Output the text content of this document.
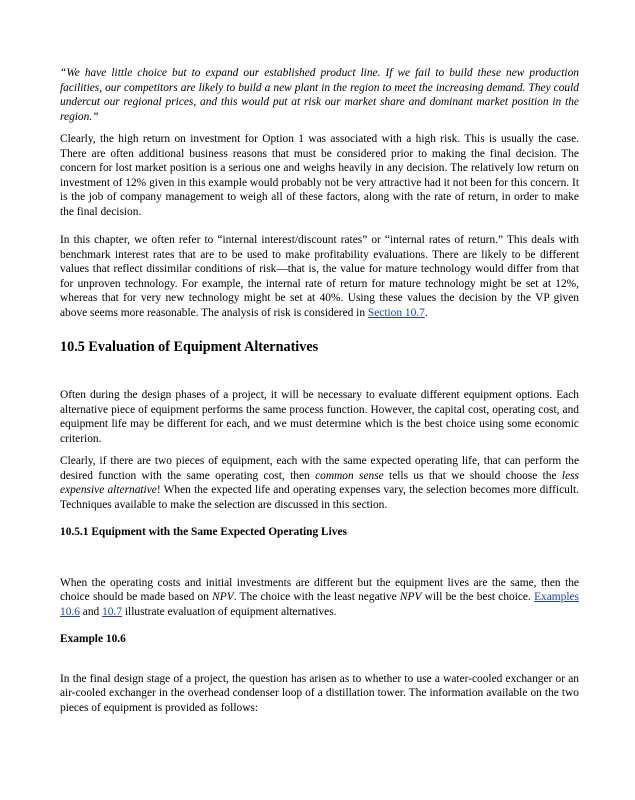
“We have little choice but to expand our established product line. If we fail to build these new production facilities, our competitors are likely to build a new plant in the region to meet the increasing demand. They could undercut our regional prices, and this would put at risk our market share and dominant market position in the region.”

Clearly, the high return on investment for Option 1 was associated with a high risk. This is usually the case. There are often additional business reasons that must be considered prior to making the final decision. The concern for lost market position is a serious one and weighs heavily in any decision. The relatively low return on investment of 12% given in this example would probably not be very attractive had it not been for this concern. It is the job of company management to weigh all of these factors, along with the rate of return, in order to make the final decision.

In this chapter, we often refer to “internal interest/discount rates” or “internal rates of return.” This deals with benchmark interest rates that are to be used to make profitability evaluations. There are likely to be different values that reflect dissimilar conditions of risk—that is, the value for mature technology would differ from that for unproven technology. For example, the internal rate of return for mature technology might be set at 12%, whereas that for very new technology might be set at 40%. Using these values the decision by the VP given above seems more reasonable. The analysis of risk is considered in Section 10.7.

10.5 Evaluation of Equipment Alternatives

Often during the design phases of a project, it will be necessary to evaluate different equipment options. Each alternative piece of equipment performs the same process function. However, the capital cost, operating cost, and equipment life may be different for each, and we must determine which is the best choice using some economic criterion.

Clearly, if there are two pieces of equipment, each with the same expected operating life, that can perform the desired function with the same operating cost, then common sense tells us that we should choose the less expensive alternative! When the expected life and operating expenses vary, the selection becomes more difficult. Techniques available to make the selection are discussed in this section.

10.5.1 Equipment with the Same Expected Operating Lives

When the operating costs and initial investments are different but the equipment lives are the same, then the choice should be made based on NPV. The choice with the least negative NPV will be the best choice. Examples 10.6 and 10.7 illustrate evaluation of equipment alternatives.

Example 10.6

In the final design stage of a project, the question has arisen as to whether to use a water-cooled exchanger or an air-cooled exchanger in the overhead condenser loop of a distillation tower. The information available on the two pieces of equipment is provided as follows:
